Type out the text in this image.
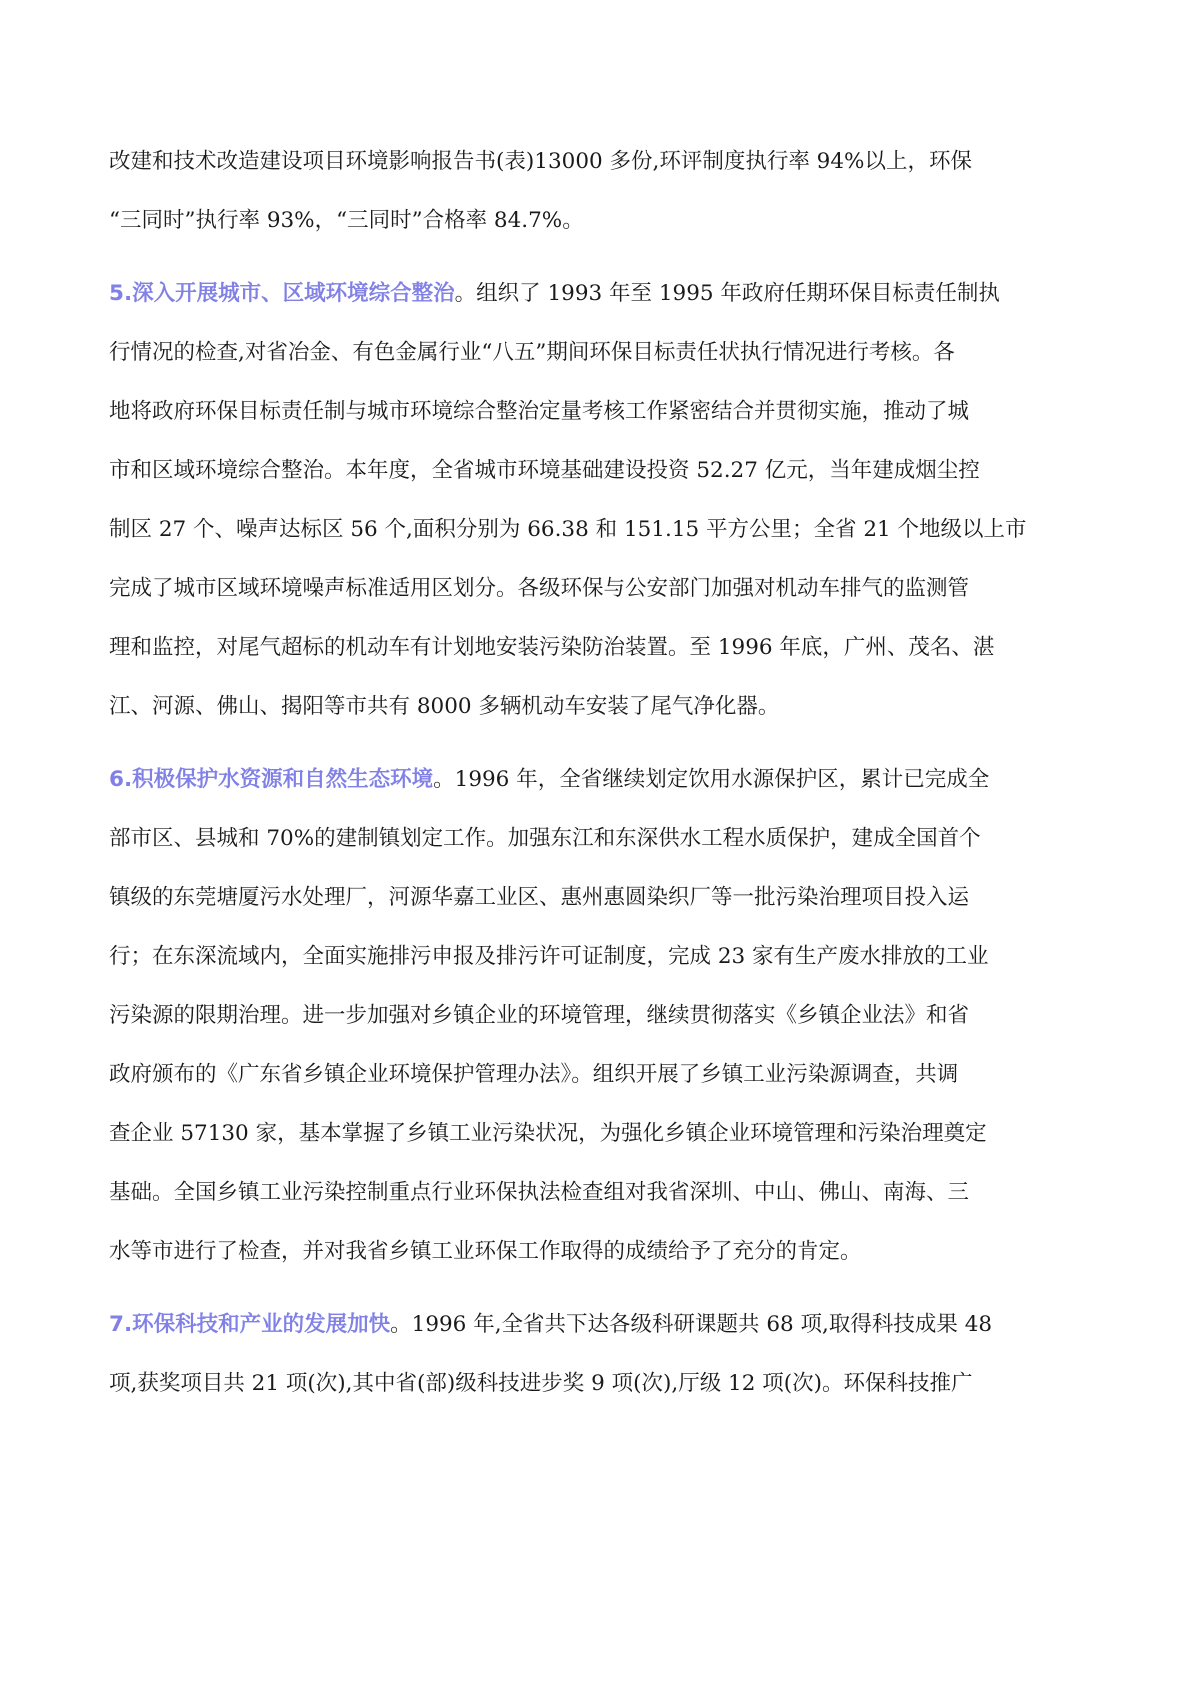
改建和技术改造建设项目环境影响报告书(表)13000 多份,环评制度执行率 94%以上，环保
“三同时”执行率 93%，“三同时”合格率 84.7%。
5.深入开展城市、区域环境综合整治。组织了 1993 年至 1995 年政府任期环保目标责任制执
行情况的检查,对省冶金、有色金属行业“八五”期间环保目标责任状执行情况进行考核。各
地将政府环保目标责任制与城市环境综合整治定量考核工作紧密结合并贯彻实施，推动了城
市和区域环境综合整治。本年度，全省城市环境基础建设投资 52.27 亿元，当年建成烟尘控
制区 27 个、噪声达标区 56 个,面积分别为 66.38 和 151.15 平方公里；全省 21 个地级以上市
完成了城市区域环境噪声标准适用区划分。各级环保与公安部门加强对机动车排气的监测管
理和监控，对尾气超标的机动车有计划地安装污染防治装置。至 1996 年底，广州、茂名、湛
江、河源、佛山、揭阳等市共有 8000 多辆机动车安装了尾气净化器。
6.积极保护水资源和自然生态环境。1996 年，全省继续划定饮用水源保护区，累计已完成全
部市区、县城和 70%的建制镇划定工作。加强东江和东深供水工程水质保护，建成全国首个
镇级的东莞塘厦污水处理厂，河源华嘉工业区、惠州惠圆染织厂等一批污染治理项目投入运
行；在东深流域内，全面实施排污申报及排污许可证制度，完成 23 家有生产废水排放的工业
污染源的限期治理。进一步加强对乡镇企业的环境管理，继续贯彻落实《乡镇企业法》和省
政府颁布的《广东省乡镇企业环境保护管理办法》。组织开展了乡镇工业污染源调查，共调
查企业 57130 家，基本掌握了乡镇工业污染状况，为强化乡镇企业环境管理和污染治理奠定
基础。全国乡镇工业污染控制重点行业环保执法检查组对我省深圳、中山、佛山、南海、三
水等市进行了检查，并对我省乡镇工业环保工作取得的成绩给予了充分的肯定。
7.环保科技和产业的发展加快。1996 年,全省共下达各级科研课题共 68 项,取得科技成果 48
项,获奖项目共 21 项(次),其中省(部)级科技进步奖 9 项(次),厅级 12 项(次)。环保科技推广
